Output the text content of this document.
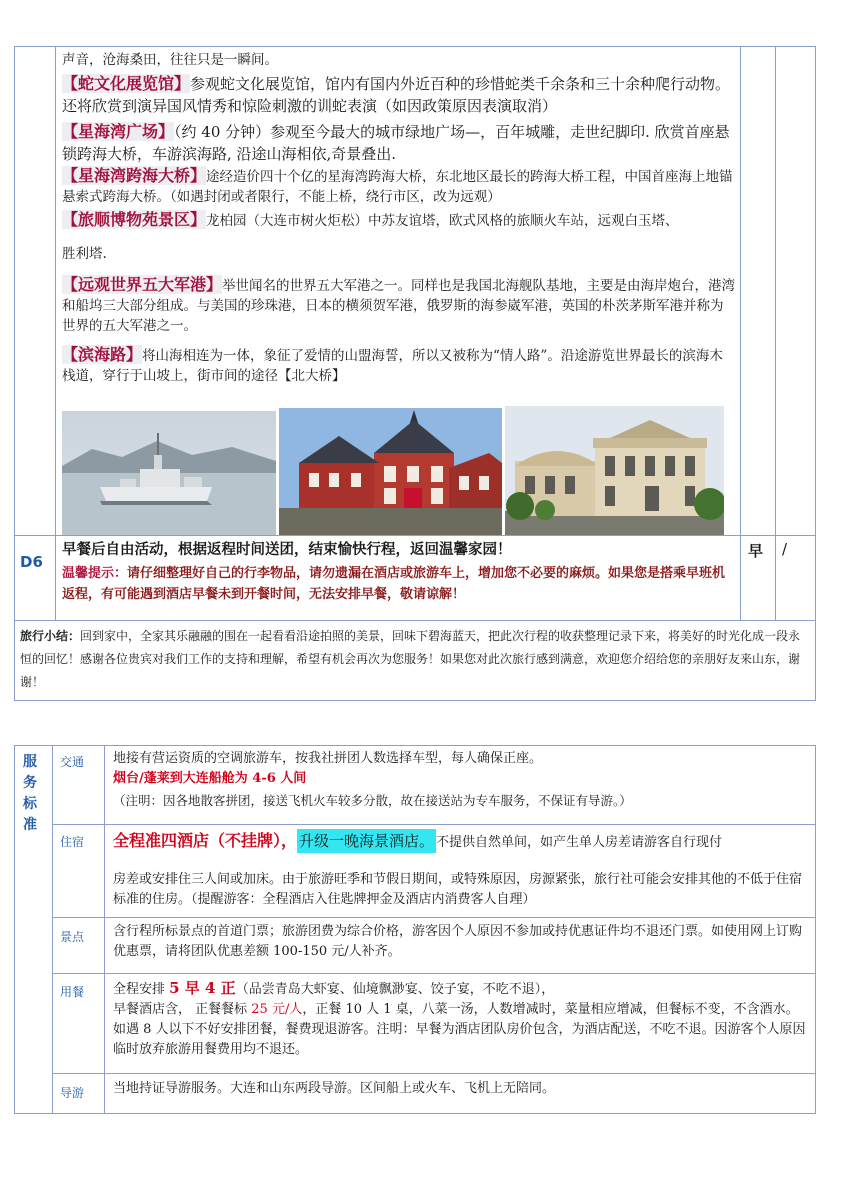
声音，沧海桑田，往往只是一瞬间。
【蛇文化展览馆】参观蛇文化展览馆，馆内有国内外近百种的珍惜蛇类千余条和三十余种爬行动物。还将欣赏到演异国风情秀和惊险刺激的训蛇表演（如因政策原因表演取消）
【星海湾广场】（约 40 分钟）参观至今最大的城市绿地广场—，百年城雕，走世纪脚印. 欣赏首座悬锁跨海大桥，车游滨海路, 沿途山海相依,奇景叠出.
【星海湾跨海大桥】途经造价四十个亿的星海湾跨海大桥，东北地区最长的跨海大桥工程，中国首座海上地锚悬索式跨海大桥。（如遇封闭或者限行，不能上桥，绕行市区，改为远观）
【旅顺博物苑景区】龙柏园（大连市树火炬松）中苏友谊塔，欧式风格的旅顺火车站，远观白玉塔、
胜利塔.
【远观世界五大军港】举世闻名的世界五大军港之一。同样也是我国北海舰队基地，主要是由海岸炮台，港湾和船坞三大部分组成。与美国的珍珠港，日本的横须贺军港，俄罗斯的海参崴军港，英国的朴茨茅斯军港并称为世界的五大军港之一。
【滨海路】将山海相连为一体，象征了爱情的山盟海誓，所以又被称为“情人路”。沿途游览世界最长的滨海木栈道，穿行于山坡上，街市间的途径【北大桥】
D6
早餐后自由活动，根据返程时间送团，结束愉快行程，返回温馨家园！
温馨提示：请仔细整理好自己的行李物品，请勿遗漏在酒店或旅游车上，增加您不必要的麻烦。如果您是搭乘早班机返程，有可能遇到酒店早餐未到开餐时间，无法安排早餐，敬请谅解！
早 /
旅行小结：回到家中，全家其乐融融的围在一起看看沿途拍照的美景，回味下碧海蓝天，把此次行程的收获整理记录下来，将美好的时光化成一段永恒的回忆！感谢各位贵宾对我们工作的支持和理解，希望有机会再次为您服务！如果您对此次旅行感到满意，欢迎您介绍给您的亲朋好友来山东，谢谢！
服
务
标
准
交通 地接有营运资质的空调旅游车，按我社拼团人数选择车型，每人确保正座。
烟台/蓬莱到大连船舱为 4-6 人间
（注明：因各地散客拼团，接送飞机火车较多分散，故在接送站为专车服务，不保证有导游。）
住宿 全程准四酒店（不挂牌）， 升级一晚海景酒店。 不提供自然单间，如产生单人房差请游客自行现付
房差或安排住三人间或加床。由于旅游旺季和节假日期间，或特殊原因，房源紧张，旅行社可能会安排其他的不低于住宿标准的住房。（提醒游客：全程酒店入住匙牌押金及酒店内消费客人自理）
景点 含行程所标景点的首道门票；旅游团费为综合价格，游客因个人原因不参加或持优惠证件均不退还门票。如使用网上订购优惠票，请将团队优惠差额 100-150 元/人补齐。
用餐 全程安排 5 早 4 正（品尝青岛大虾宴、仙境飘渺宴、饺子宴，不吃不退），
早餐酒店含， 正餐餐标 25 元/人，正餐 10 人 1 桌，八菜一汤，人数增减时，菜量相应增减，但餐标不变，不含酒水。如遇 8 人以下不好安排团餐，餐费现退游客。注明：早餐为酒店团队房价包含，为酒店配送，不吃不退。因游客个人原因临时放弃旅游用餐费用均不退还。
导游 当地持证导游服务。大连和山东两段导游。区间船上或火车、飞机上无陪同。
